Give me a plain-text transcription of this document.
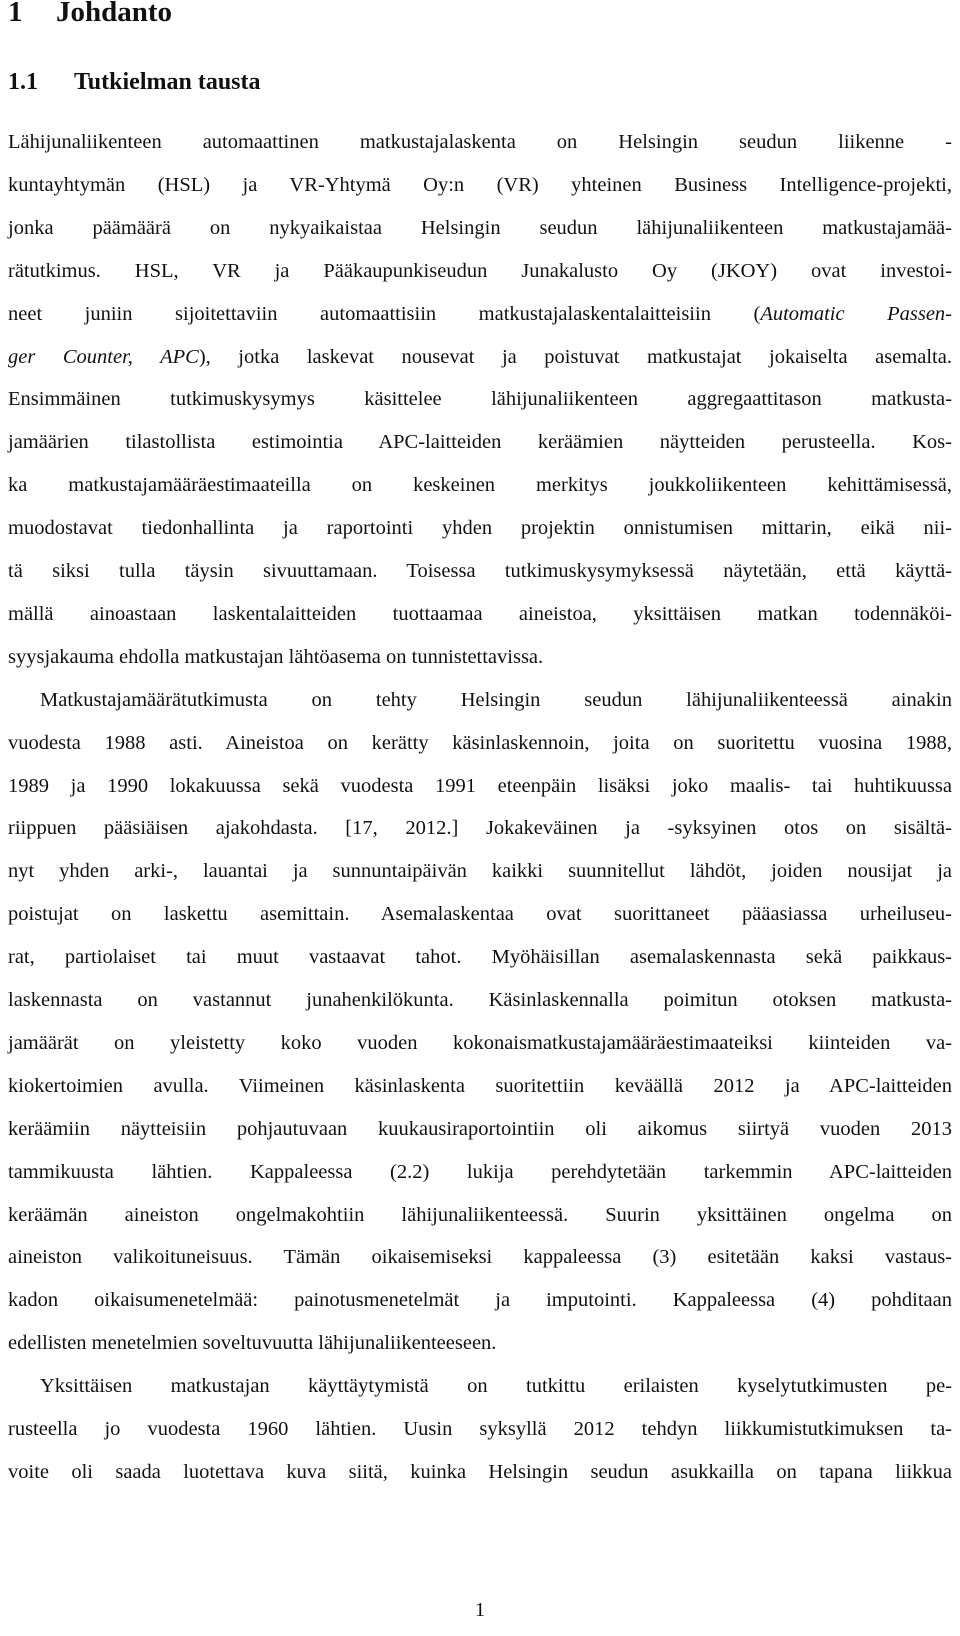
1 Johdanto
1.1 Tutkielman tausta
Lähijunaliikenteen automaattinen matkustajalaskenta on Helsingin seudun liikenne -
kuntayhtymän (HSL) ja VR-Yhtymä Oy:n (VR) yhteinen Business Intelligence-projekti,
jonka päämäärä on nykyaikaistaa Helsingin seudun lähijunaliikenteen matkustajamää-
rätutkimus. HSL, VR ja Pääkaupunkiseudun Junakalusto Oy (JKOY) ovat investoi-
neet juniin sijoitettaviin automaattisiin matkustajalaskentalaitteisiin (Automatic Passen-
ger Counter, APC), jotka laskevat nousevat ja poistuvat matkustajat jokaiselta asemalta.
Ensimmäinen tutkimuskysymys käsittelee lähijunaliikenteen aggregaattitason matkusta-
jamäärien tilastollista estimointia APC-laitteiden keräämien näytteiden perusteella. Kos-
ka matkustajamääräestimaateilla on keskeinen merkitys joukkoliikenteen kehittämisessä,
muodostavat tiedonhallinta ja raportointi yhden projektin onnistumisen mittarin, eikä nii-
tä siksi tulla täysin sivuuttamaan. Toisessa tutkimuskysymyksessä näytetään, että käyttä-
mällä ainoastaan laskentalaitteiden tuottaamaa aineistoa, yksittäisen matkan todennäköi-
syysjakauma ehdolla matkustajan lähtöasema on tunnistettavissa.
Matkustajamäärätutkimusta on tehty Helsingin seudun lähijunaliikenteessä ainakin
vuodesta 1988 asti. Aineistoa on kerätty käsinlaskennoin, joita on suoritettu vuosina 1988,
1989 ja 1990 lokakuussa sekä vuodesta 1991 eteenpäin lisäksi joko maalis- tai huhtikuussa
riippuen pääsiäisen ajakohdasta. [17, 2012.] Jokakeväinen ja -syksyinen otos on sisältä-
nyt yhden arki-, lauantai ja sunnuntaipäivän kaikki suunnitellut lähdöt, joiden nousijat ja
poistujat on laskettu asemittain. Asemalaskentaa ovat suorittaneet pääasiassa urheiluseu-
rat, partiolaiset tai muut vastaavat tahot. Myöhäisillan asemalaskennasta sekä paikkaus-
laskennasta on vastannut junahenkilökunta. Käsinlaskennalla poimitun otoksen matkusta-
jamäärät on yleistetty koko vuoden kokonaismatkustajamääräestimaateiksi kiinteiden va-
kiokertoimien avulla. Viimeinen käsinlaskenta suoritettiin keväällä 2012 ja APC-laitteiden
keräämiin näytteisiin pohjautuvaan kuukausiraportointiin oli aikomus siirtyä vuoden 2013
tammikuusta lähtien. Kappaleessa (2.2) lukija perehdytetään tarkemmin APC-laitteiden
keräämän aineiston ongelmakohtiin lähijunaliikenteessä. Suurin yksittäinen ongelma on
aineiston valikoituneisuus. Tämän oikaisemiseksi kappaleessa (3) esitetään kaksi vastaus-
kadon oikaisumenetelmää: painotusmenetelmät ja imputointi. Kappaleessa (4) pohditaan
edellisten menetelmien soveltuvuutta lähijunaliikenteeseen.
Yksittäisen matkustajan käyttäytymistä on tutkittu erilaisten kyselytutkimusten pe-
rusteella jo vuodesta 1960 lähtien. Uusin syksyllä 2012 tehdyn liikkumistutkimuksen ta-
voite oli saada luotettava kuva siitä, kuinka Helsingin seudun asukkailla on tapana liikkua
1
